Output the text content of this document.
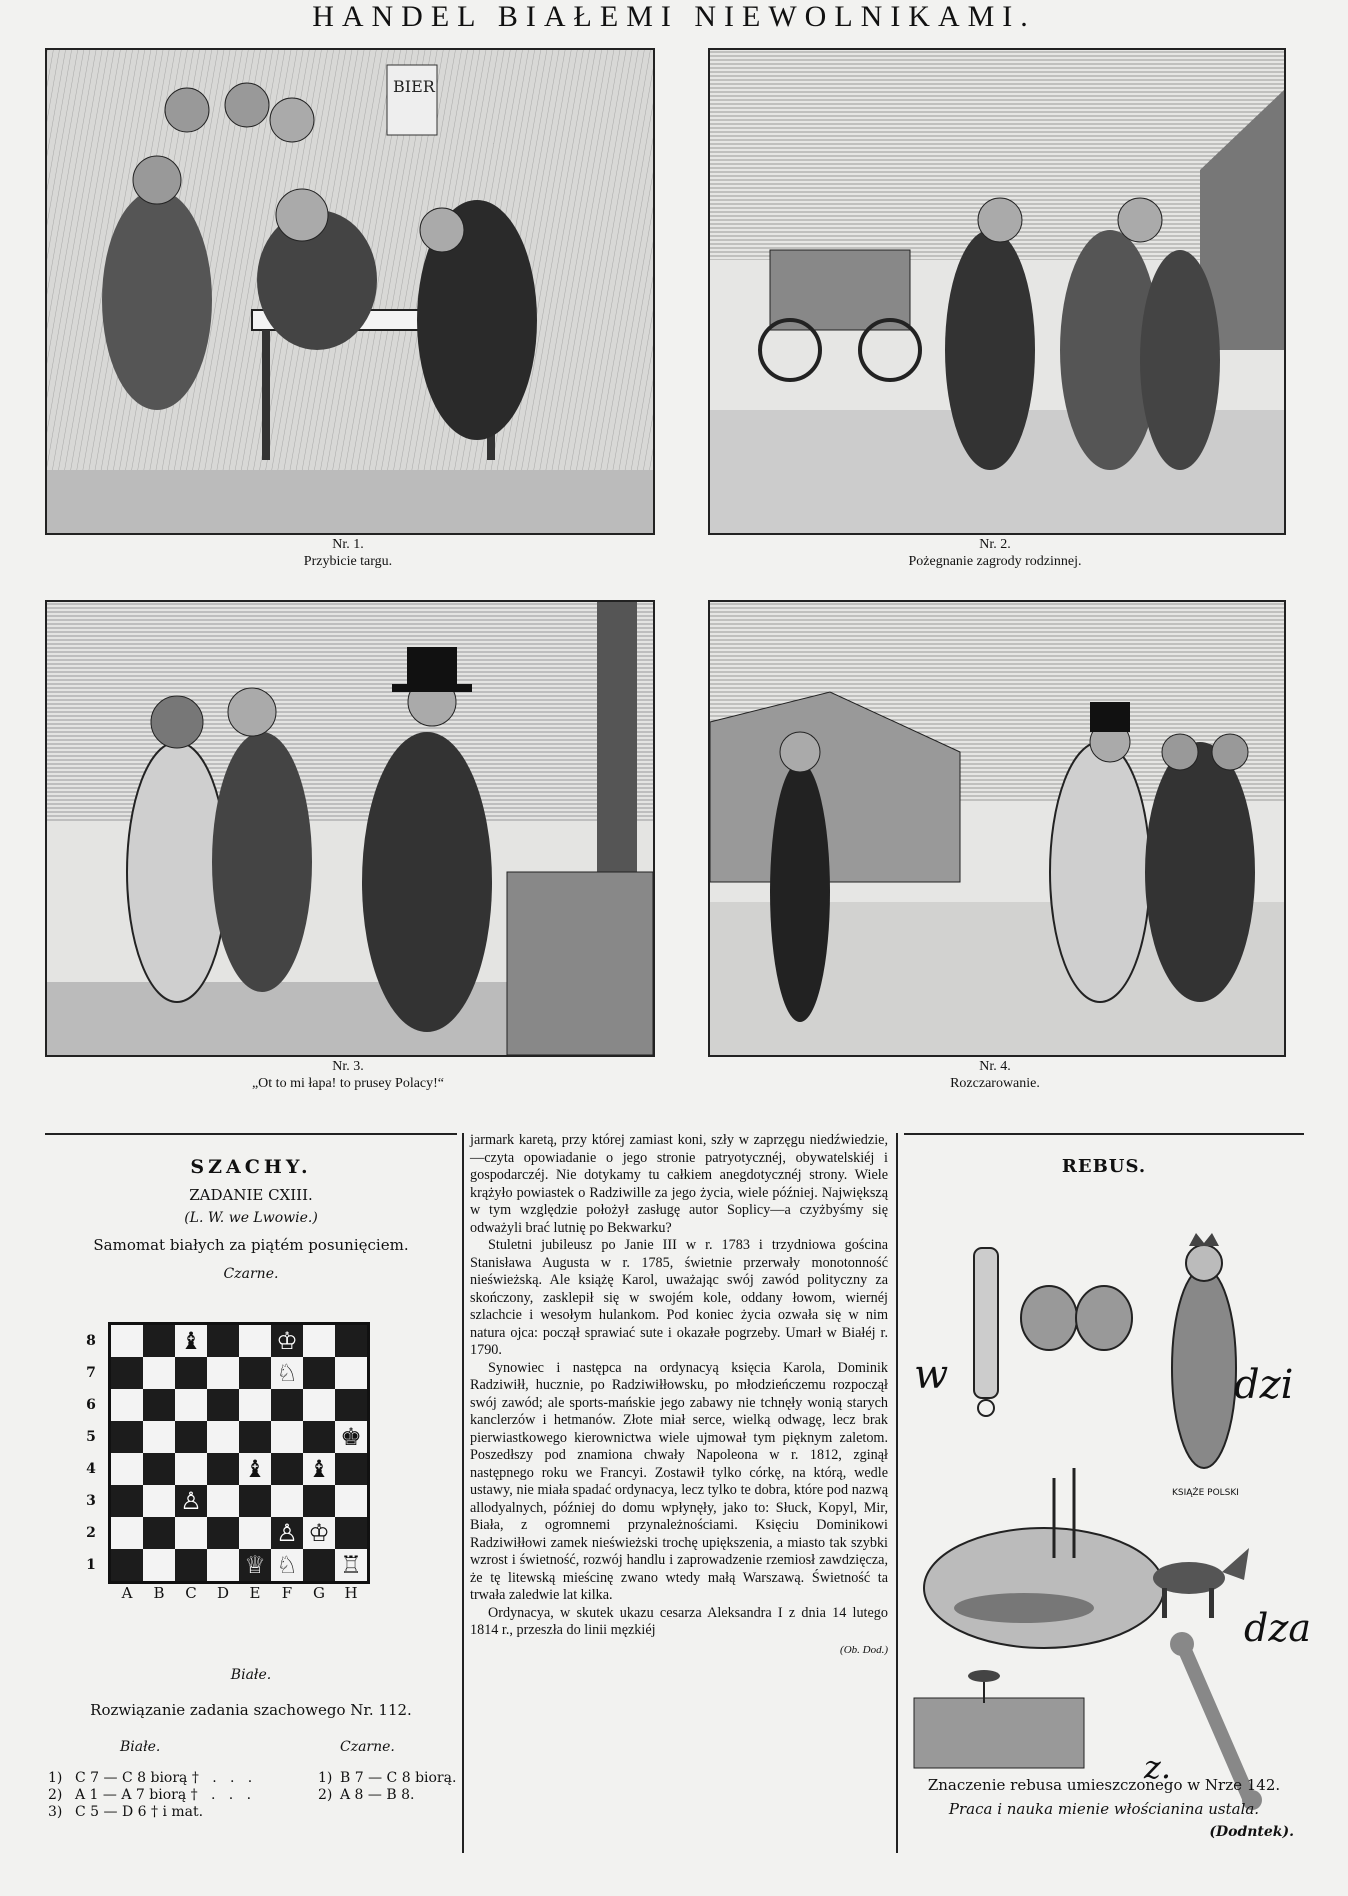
HANDEL BIAŁEMI NIEWOLNIKAMI.
BIER
Nr. 1.
Przybicie targu.
Nr. 2.
Pożegnanie zagrody rodzinnej.
Nr. 3.
„Ot to mi łapa! to prusey Polacy!“
Nr. 4.
Rozczarowanie.
SZACHY.
ZADANIE CXIII.
(L. W. we Lwowie.)
Samomat białych za piątém posunięciem.
Czarne.
♝	♔
♘
♚
♝ ♝
♙
♙ ♔
♕ ♘ ♖
8
7
6
5
4
3
2
1
A	B	C	D	E	F	G	H
Białe.
Rozwiązanie zadania szachowego Nr. 112.
Białe.	Czarne.
1) C 7 — C 8 biorą †   .   .   .	1) B 7 — C 8 biorą.
2) A 1 — A 7 biorą †   .   .   .	2) A 8 — B 8.
3) C 5 — D 6 † i mat.

jarmark karetą, przy której zamiast koni, szły w zaprzęgu niedźwiedzie, —czyta opowiadanie o jego stronie patryotycznéj, obywatelskiéj i gospodarczéj. Nie dotykamy tu całkiem anegdotycznéj strony. Wiele krążyło powiastek o Radziwille za jego życia, wiele później. Największą w tym względzie położył zasługę autor Soplicy—a czyżbyśmy się odważyli brać lutnię po Bekwarku?

Stuletni jubileusz po Janie III w r. 1783 i trzydniowa gościna Stanisława Augusta w r. 1785, świetnie przerwały monotonność nieświeżską. Ale książę Karol, uważając swój zawód polityczny za skończony, zasklepił się w swojém kole, oddany łowom, wiernéj szlachcie i wesołym hulankom. Pod koniec życia ozwała się w nim natura ojca: począł sprawiać sute i okazałe pogrzeby. Umarł w Białéj r. 1790.

Synowiec i następca na ordynacyą księcia Karola, Dominik Radziwiłł, hucznie, po Radziwiłłowsku, po młodzieńczemu rozpoczął swój zawód; ale sports-mańskie jego zabawy nie tchnęły wonią starych kanclerzów i hetmanów. Złote miał serce, wielką odwagę, lecz brak pierwiastkowego kierownictwa wiele ujmował tym pięknym zaletom. Poszedłszy pod znamiona chwały Napoleona w r. 1812, zginął następnego roku we Francyi. Zostawił tylko córkę, na którą, wedle ustawy, nie miała spadać ordynacya, lecz tylko te dobra, które pod nazwą allodyalnych, później do domu wpłynęły, jako to: Słuck, Kopyl, Mir, Biała, z ogromnemi przynależnościami. Księciu Dominikowi Radziwiłłowi zamek nieświeżski trochę upiększenia, a miasto tak szybki wzrost i świetność, rozwój handlu i zaprowadzenie rzemiosł zawdzięcza, że tę litewską mieścinę zwano wtedy małą Warszawą. Świetność ta trwała zaledwie lat kilka.

Ordynacya, w skutek ukazu cesarza Aleksandra I z dnia 14 lutego 1814 r., przeszła do linii męzkiéj

(Ob. Dod.)
REBUS.
w
KSIĄŻE POLSKI
dzi
dza
z.
Znaczenie rebusa umieszczonego w Nrze 142.
Praca i nauka mienie włościanina ustala.
(Dodntek).
